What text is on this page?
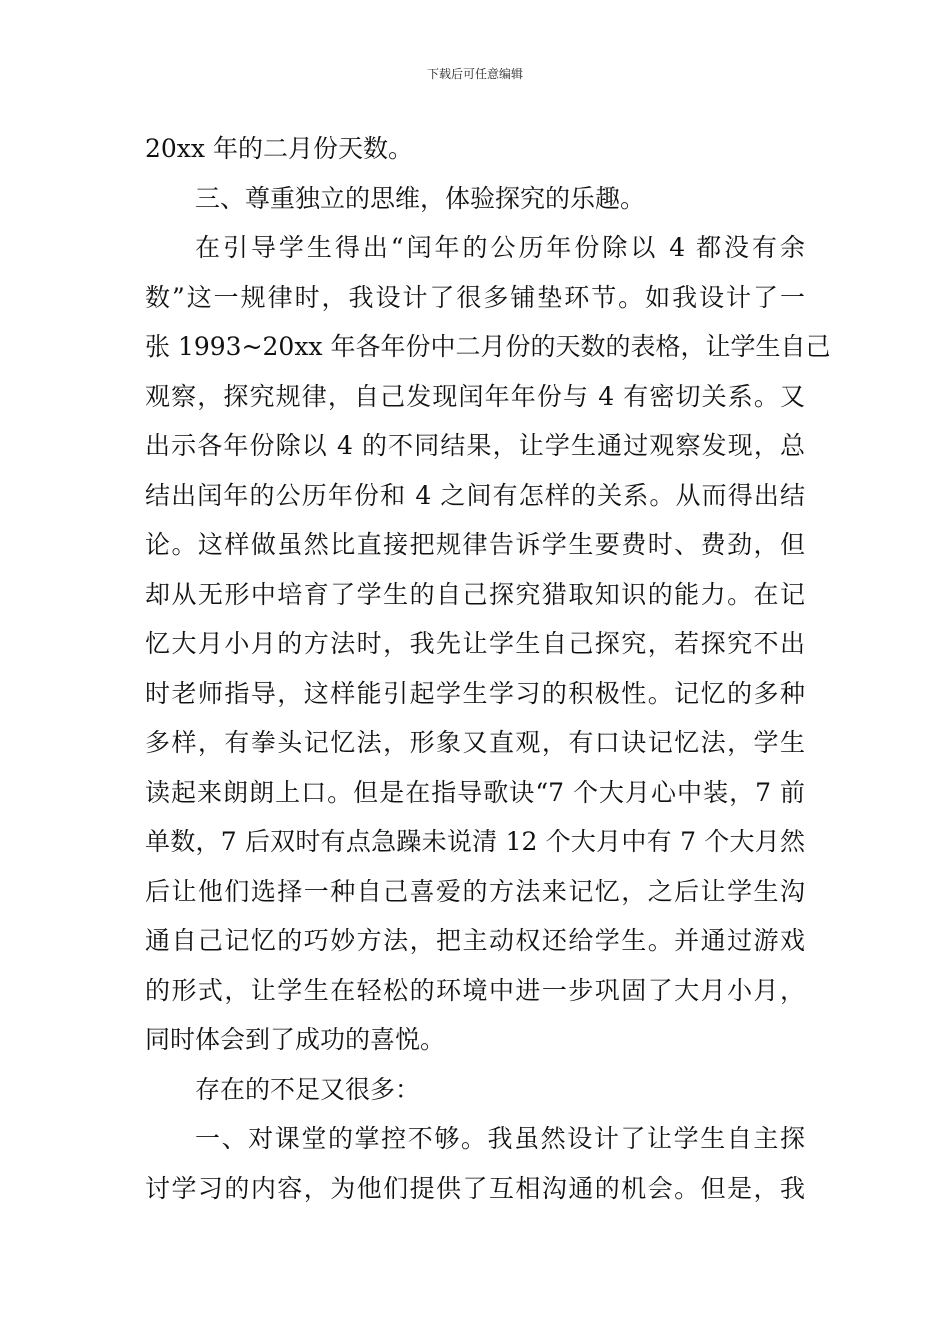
下载后可任意编辑
20xx 年的二月份天数。
三、尊重独立的思维，体验探究的乐趣。
在引导学生得出“闰年的公历年份除以 4 都没有余
数”这一规律时，我设计了很多铺垫环节。如我设计了一
张 1993~20xx 年各年份中二月份的天数的表格，让学生自己
观察，探究规律，自己发现闰年年份与 4 有密切关系。又
出示各年份除以 4 的不同结果，让学生通过观察发现，总
结出闰年的公历年份和 4 之间有怎样的关系。从而得出结
论。这样做虽然比直接把规律告诉学生要费时、费劲，但
却从无形中培育了学生的自己探究猎取知识的能力。在记
忆大月小月的方法时，我先让学生自己探究，若探究不出
时老师指导，这样能引起学生学习的积极性。记忆的多种
多样，有拳头记忆法，形象又直观，有口诀记忆法，学生
读起来朗朗上口。但是在指导歌诀“7 个大月心中装，7 前
单数，7 后双时有点急躁未说清 12 个大月中有 7 个大月然
后让他们选择一种自己喜爱的方法来记忆，之后让学生沟
通自己记忆的巧妙方法，把主动权还给学生。并通过游戏
的形式，让学生在轻松的环境中进一步巩固了大月小月，
同时体会到了成功的喜悦。
存在的不足又很多：
一、对课堂的掌控不够。我虽然设计了让学生自主探
讨学习的内容，为他们提供了互相沟通的机会。但是，我
